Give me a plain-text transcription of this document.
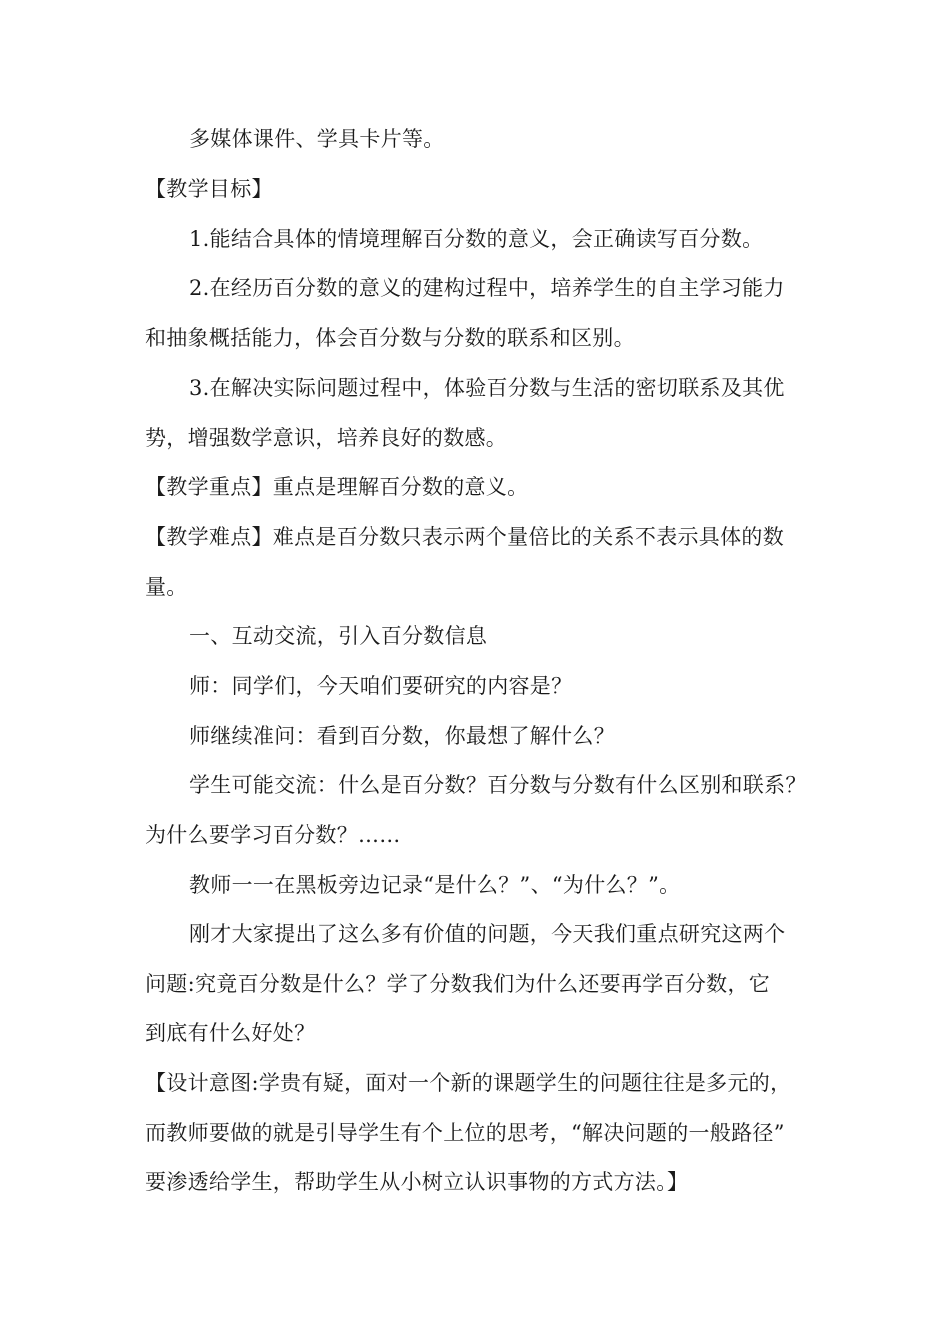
多媒体课件、学具卡片等。
【教学目标】
1.能结合具体的情境理解百分数的意义，会正确读写百分数。
2.在经历百分数的意义的建构过程中，培养学生的自主学习能力
和抽象概括能力，体会百分数与分数的联系和区别。
3.在解决实际问题过程中，体验百分数与生活的密切联系及其优
势，增强数学意识，培养良好的数感。
【教学重点】重点是理解百分数的意义。
【教学难点】难点是百分数只表示两个量倍比的关系不表示具体的数
量。
一、互动交流，引入百分数信息
师：同学们，今天咱们要研究的内容是？
师继续准问：看到百分数，你最想了解什么？
学生可能交流：什么是百分数？百分数与分数有什么区别和联系？
为什么要学习百分数？……
教师一一在黑板旁边记录“是什么？”、“为什么？”。
刚才大家提出了这么多有价值的问题，今天我们重点研究这两个
问题:究竟百分数是什么？学了分数我们为什么还要再学百分数，它
到底有什么好处？
【设计意图:学贵有疑，面对一个新的课题学生的问题往往是多元的，
而教师要做的就是引导学生有个上位的思考，“解决问题的一般路径”
要渗透给学生，帮助学生从小树立认识事物的方式方法。】
